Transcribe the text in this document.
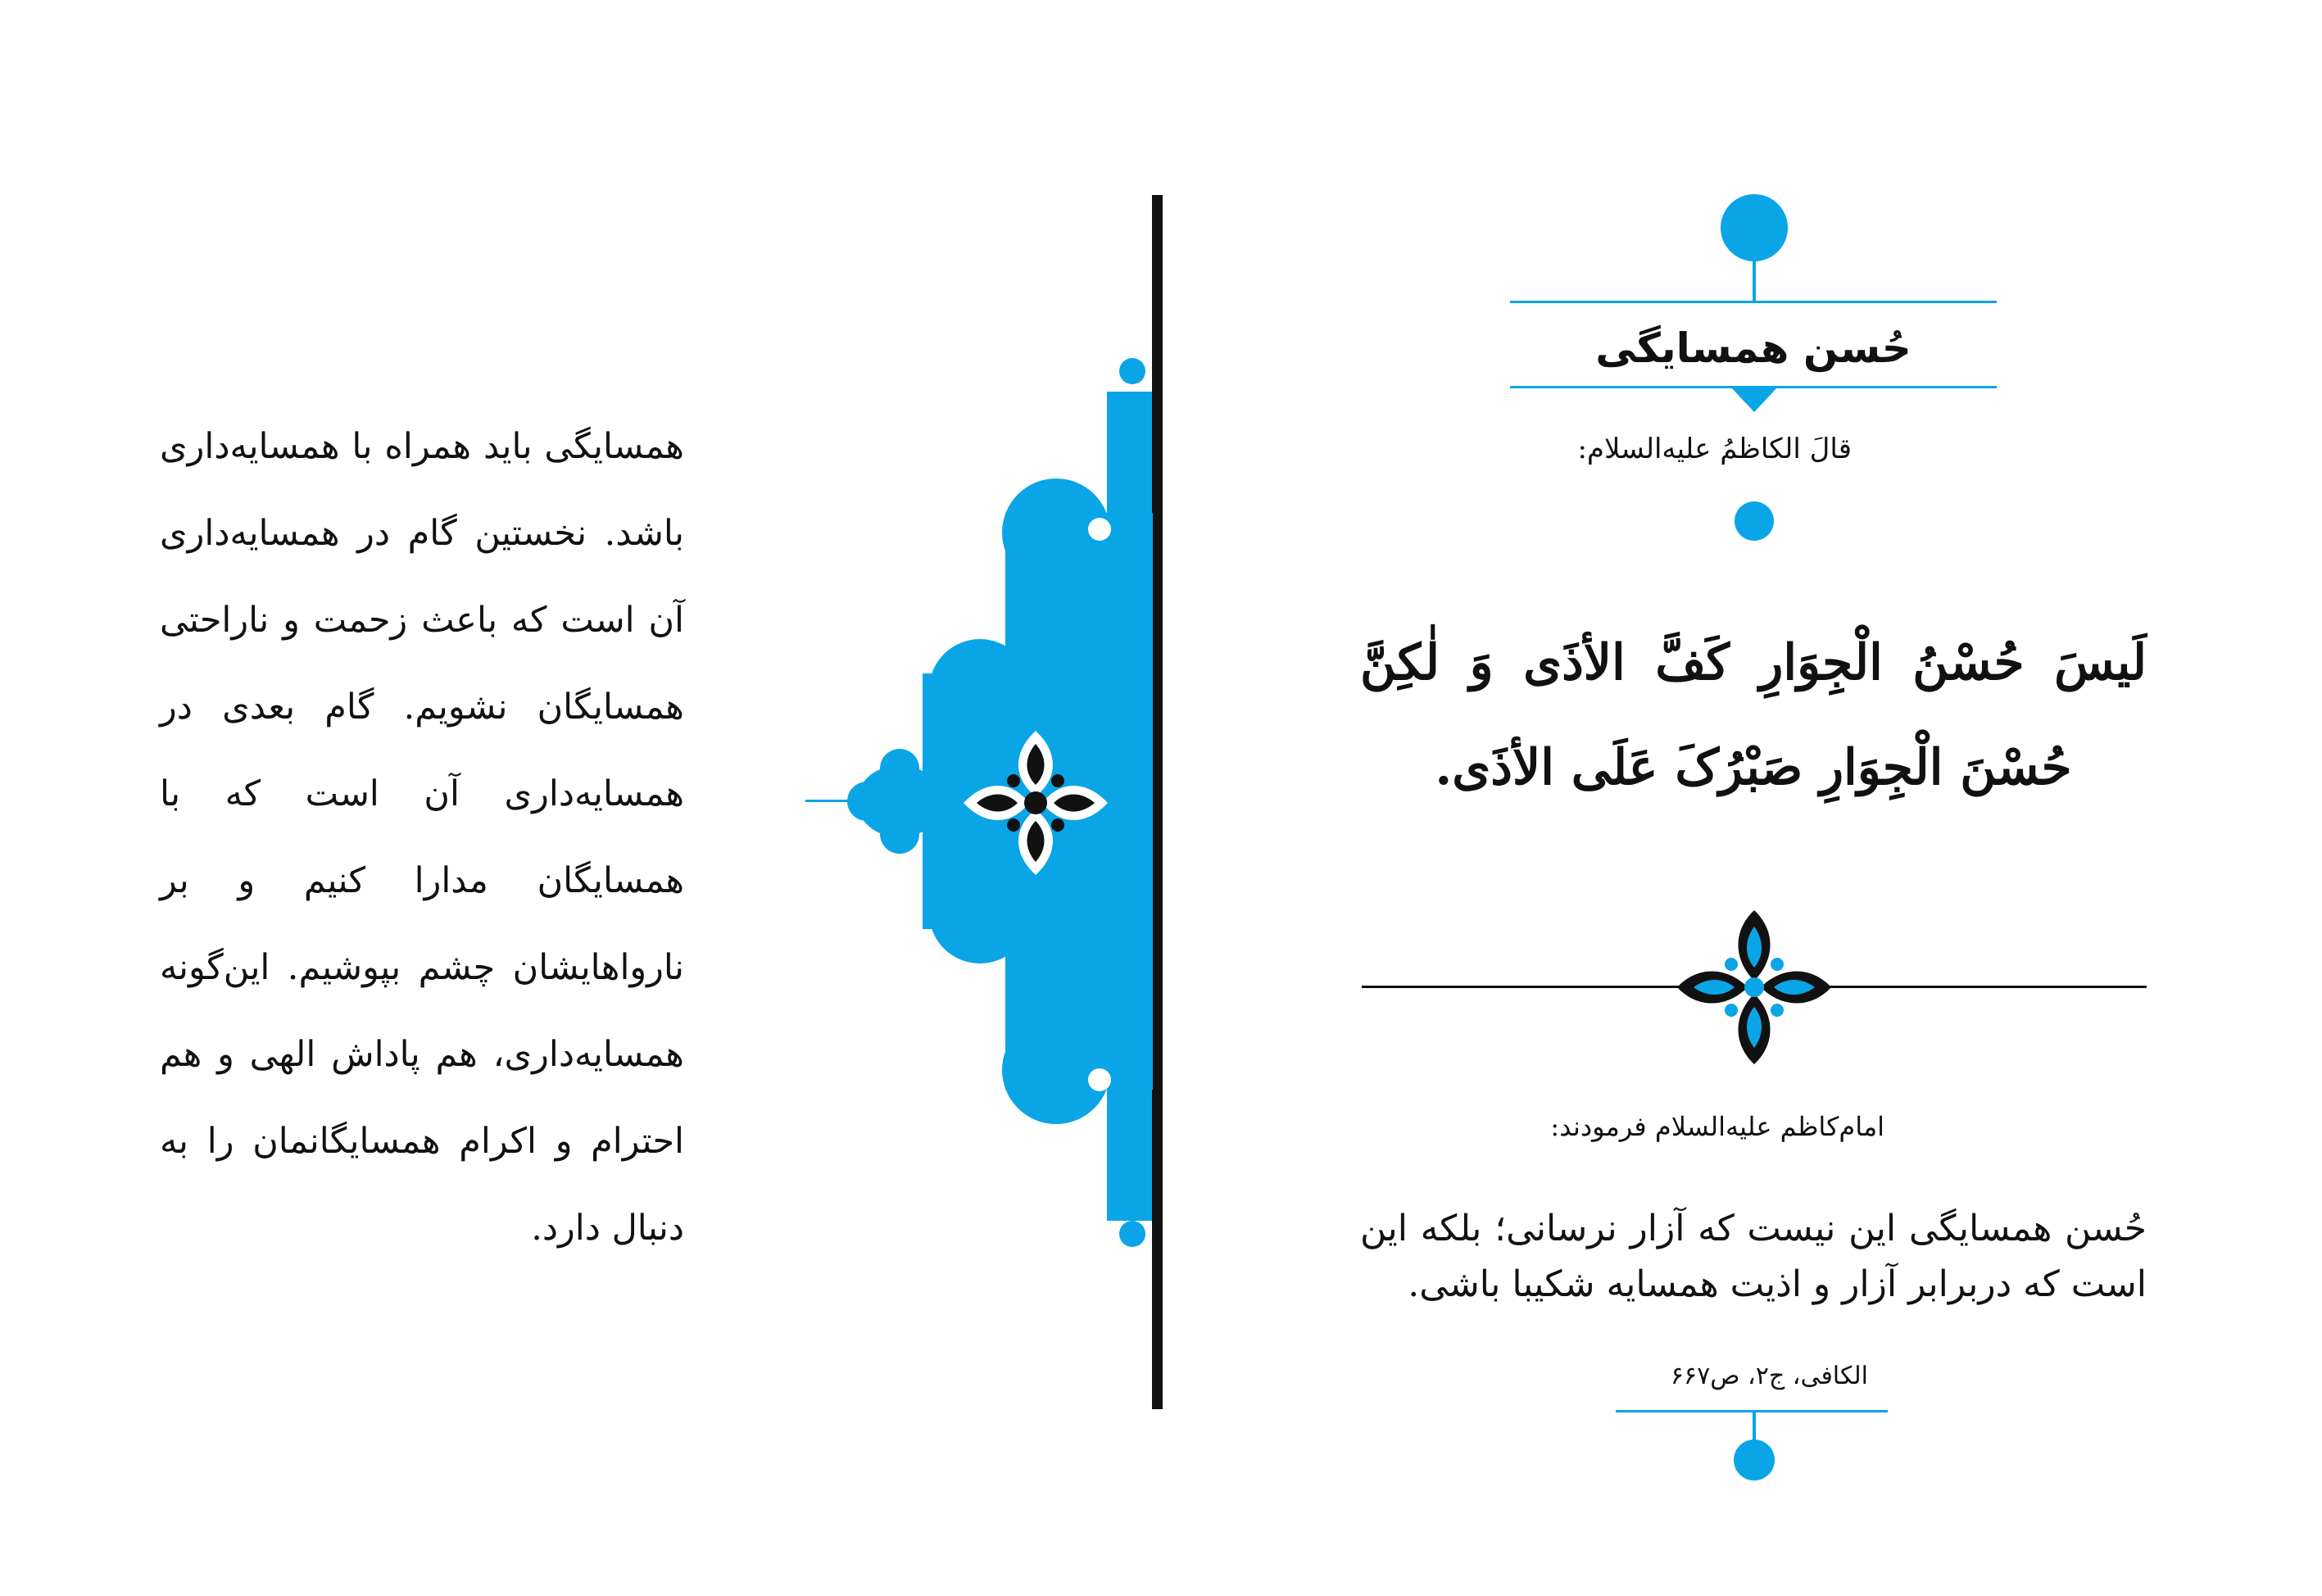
حُسن همسایگی

قالَ الکاظمُ عليه‌السلام:

لَیسَ حُسْنُ الْجِوَارِ کَفَّ الأذَی وَ لٰکِنَّ حُسْنَ الْجِوَارِ صَبْرُکَ عَلَی الأذَی.

امام‌کاظم عليه‌السلام فرمودند:

حُسن همسایگی این نیست که آزار نرسانی؛ بلکه این است که دربرابر آزار و اذیت همسایه شکیبا باشی.

الکافی، ج۲، ص۶۶۷

همسایگی باید همراه با همسایه‌داری باشد. نخستین گام در همسایه‌داری آن است که باعث زحمت و ناراحتی همسایگان نشویم. گام بعدی در همسایه‌داری آن است که با همسایگان مدارا کنیم و بر ناروا‌هایشان چشم بپوشیم. این‌گونه همسایه‌داری، هم پاداش الهی و هم احترام و اکرام همسایگانمان را به دنبال دارد.
